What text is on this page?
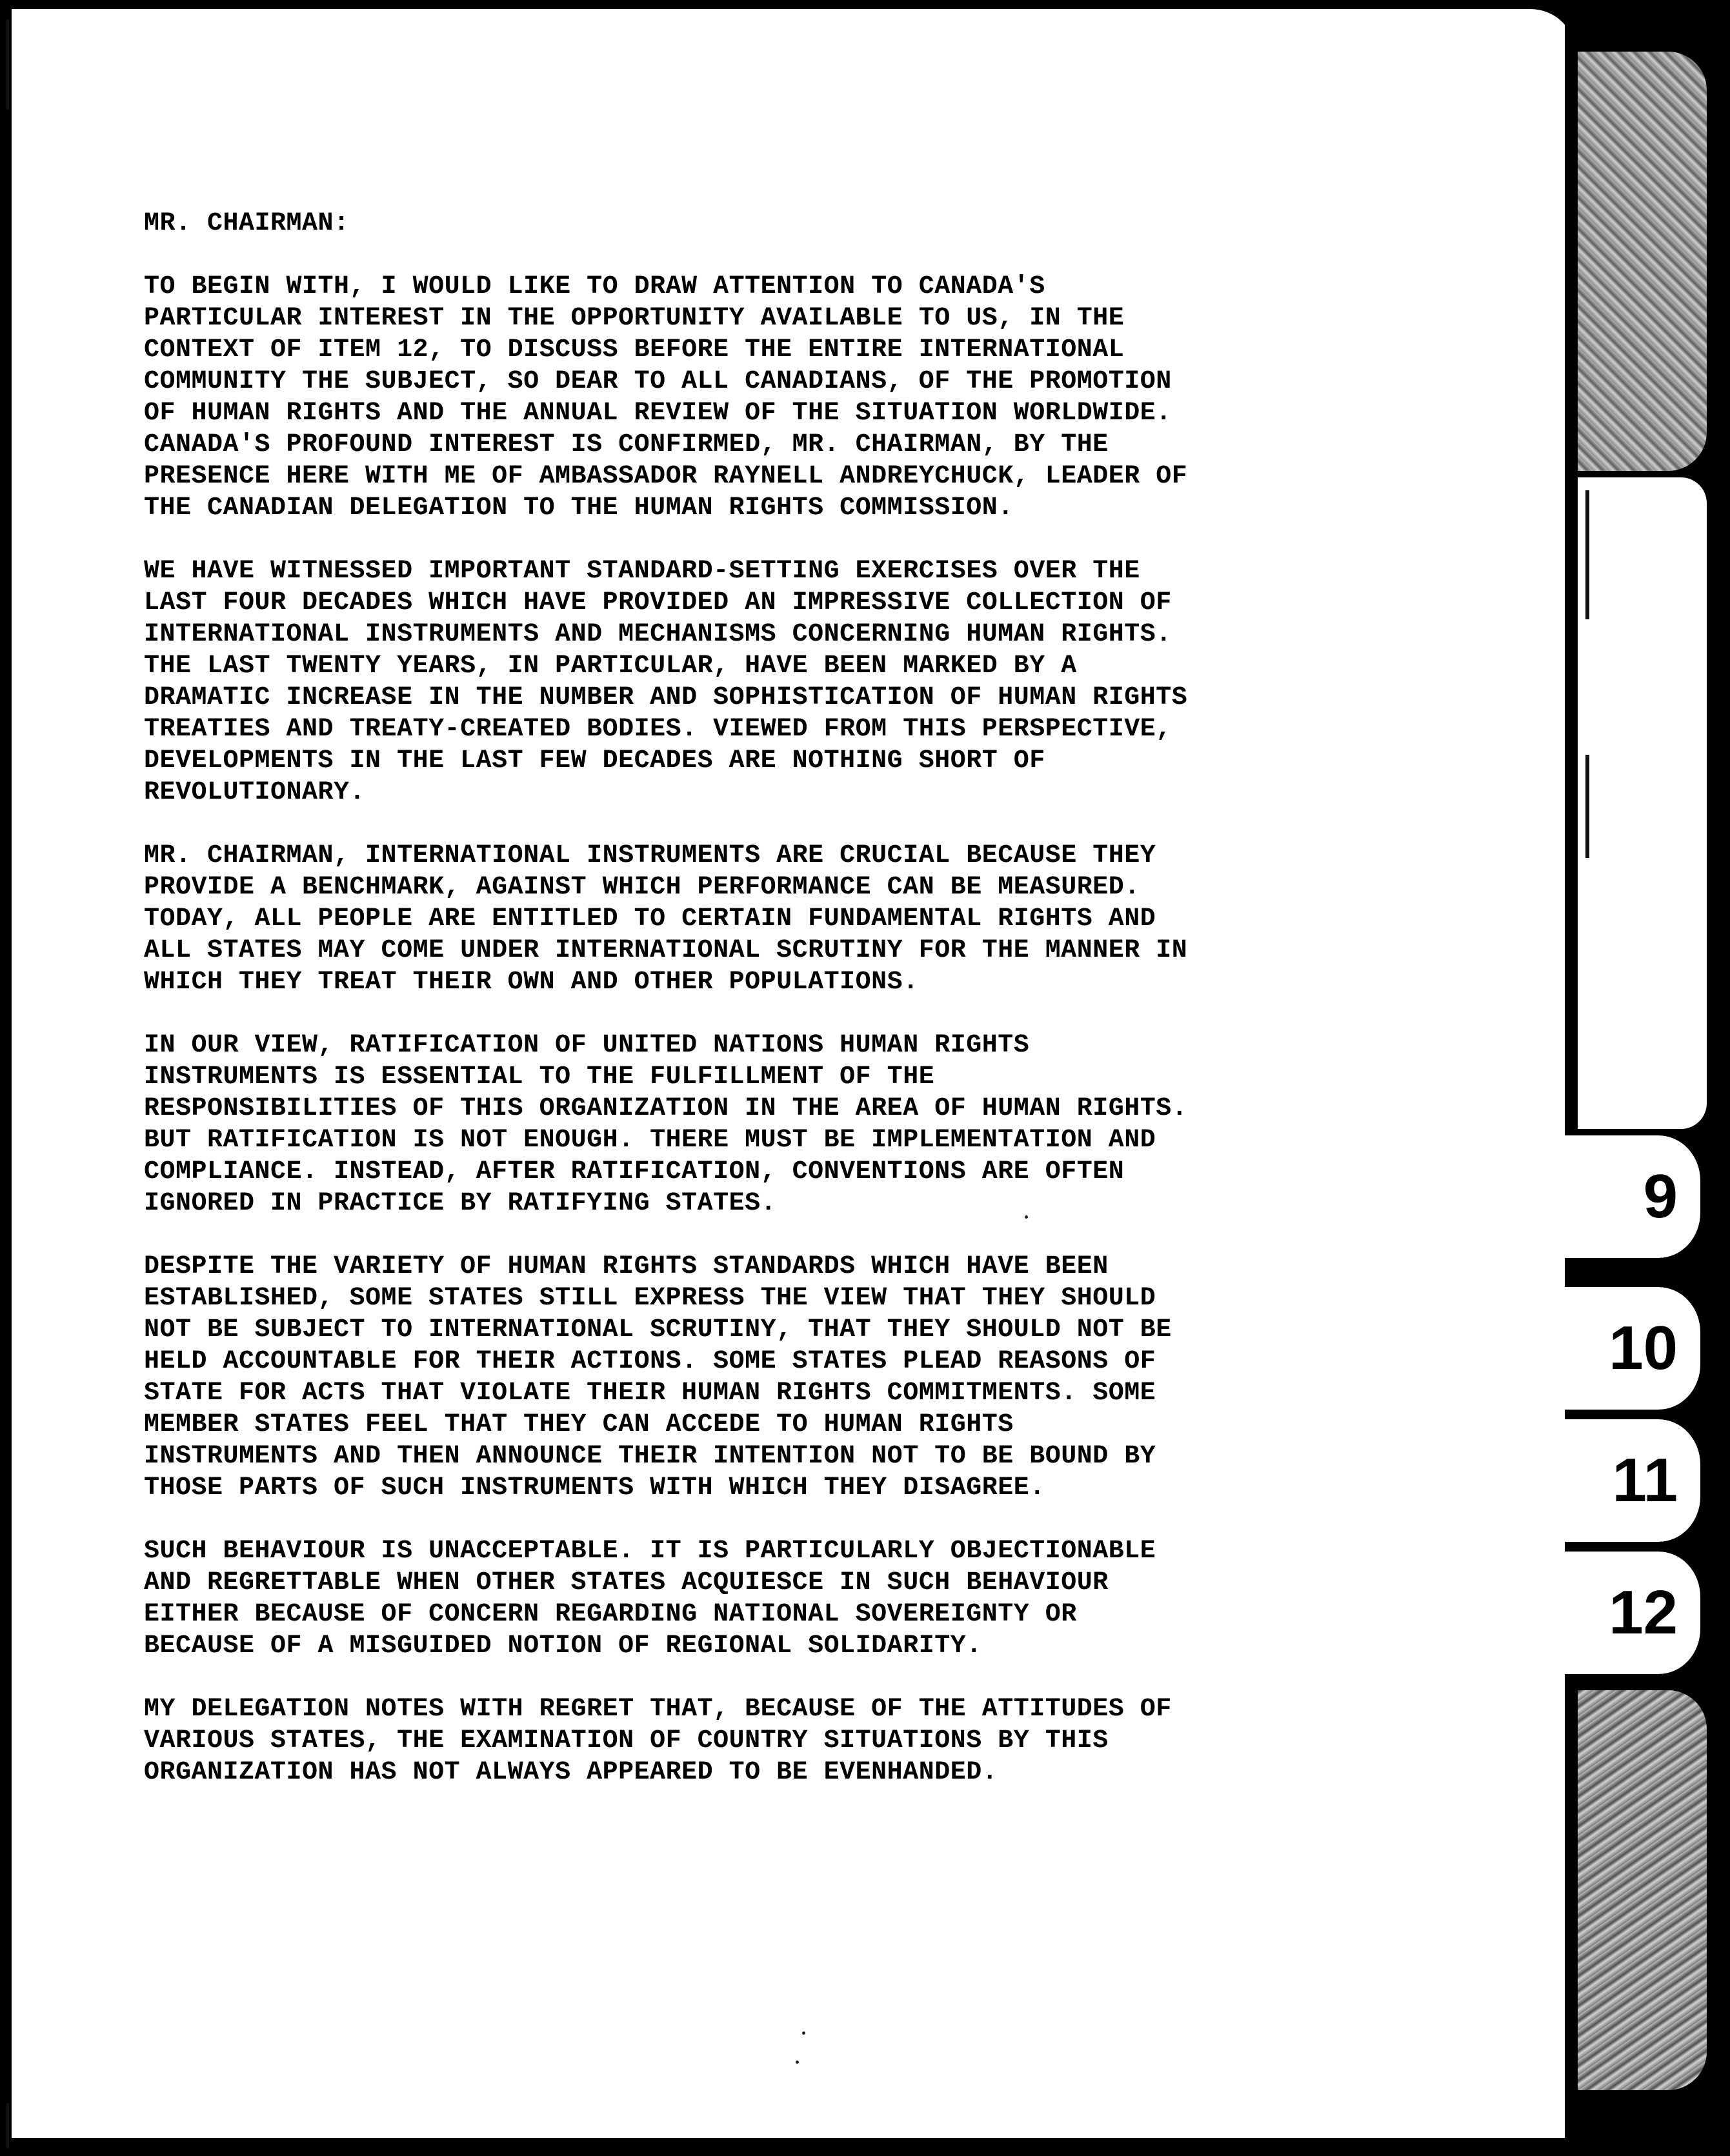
MR. CHAIRMAN:

TO BEGIN WITH, I WOULD LIKE TO DRAW ATTENTION TO CANADA'S
PARTICULAR INTEREST IN THE OPPORTUNITY AVAILABLE TO US, IN THE
CONTEXT OF ITEM 12, TO DISCUSS BEFORE THE ENTIRE INTERNATIONAL
COMMUNITY THE SUBJECT, SO DEAR TO ALL CANADIANS, OF THE PROMOTION
OF HUMAN RIGHTS AND THE ANNUAL REVIEW OF THE SITUATION WORLDWIDE.
CANADA'S PROFOUND INTEREST IS CONFIRMED, MR. CHAIRMAN, BY THE
PRESENCE HERE WITH ME OF AMBASSADOR RAYNELL ANDREYCHUCK, LEADER OF
THE CANADIAN DELEGATION TO THE HUMAN RIGHTS COMMISSION.

WE HAVE WITNESSED IMPORTANT STANDARD-SETTING EXERCISES OVER THE
LAST FOUR DECADES WHICH HAVE PROVIDED AN IMPRESSIVE COLLECTION OF
INTERNATIONAL INSTRUMENTS AND MECHANISMS CONCERNING HUMAN RIGHTS.
THE LAST TWENTY YEARS, IN PARTICULAR, HAVE BEEN MARKED BY A
DRAMATIC INCREASE IN THE NUMBER AND SOPHISTICATION OF HUMAN RIGHTS
TREATIES AND TREATY-CREATED BODIES. VIEWED FROM THIS PERSPECTIVE,
DEVELOPMENTS IN THE LAST FEW DECADES ARE NOTHING SHORT OF
REVOLUTIONARY.

MR. CHAIRMAN, INTERNATIONAL INSTRUMENTS ARE CRUCIAL BECAUSE THEY
PROVIDE A BENCHMARK, AGAINST WHICH PERFORMANCE CAN BE MEASURED.
TODAY, ALL PEOPLE ARE ENTITLED TO CERTAIN FUNDAMENTAL RIGHTS AND
ALL STATES MAY COME UNDER INTERNATIONAL SCRUTINY FOR THE MANNER IN
WHICH THEY TREAT THEIR OWN AND OTHER POPULATIONS.

IN OUR VIEW, RATIFICATION OF UNITED NATIONS HUMAN RIGHTS
INSTRUMENTS IS ESSENTIAL TO THE FULFILLMENT OF THE
RESPONSIBILITIES OF THIS ORGANIZATION IN THE AREA OF HUMAN RIGHTS.
BUT RATIFICATION IS NOT ENOUGH. THERE MUST BE IMPLEMENTATION AND
COMPLIANCE. INSTEAD, AFTER RATIFICATION, CONVENTIONS ARE OFTEN
IGNORED IN PRACTICE BY RATIFYING STATES.

DESPITE THE VARIETY OF HUMAN RIGHTS STANDARDS WHICH HAVE BEEN
ESTABLISHED, SOME STATES STILL EXPRESS THE VIEW THAT THEY SHOULD
NOT BE SUBJECT TO INTERNATIONAL SCRUTINY, THAT THEY SHOULD NOT BE
HELD ACCOUNTABLE FOR THEIR ACTIONS. SOME STATES PLEAD REASONS OF
STATE FOR ACTS THAT VIOLATE THEIR HUMAN RIGHTS COMMITMENTS. SOME
MEMBER STATES FEEL THAT THEY CAN ACCEDE TO HUMAN RIGHTS
INSTRUMENTS AND THEN ANNOUNCE THEIR INTENTION NOT TO BE BOUND BY
THOSE PARTS OF SUCH INSTRUMENTS WITH WHICH THEY DISAGREE.

SUCH BEHAVIOUR IS UNACCEPTABLE. IT IS PARTICULARLY OBJECTIONABLE
AND REGRETTABLE WHEN OTHER STATES ACQUIESCE IN SUCH BEHAVIOUR
EITHER BECAUSE OF CONCERN REGARDING NATIONAL SOVEREIGNTY OR
BECAUSE OF A MISGUIDED NOTION OF REGIONAL SOLIDARITY.

MY DELEGATION NOTES WITH REGRET THAT, BECAUSE OF THE ATTITUDES OF
VARIOUS STATES, THE EXAMINATION OF COUNTRY SITUATIONS BY THIS
ORGANIZATION HAS NOT ALWAYS APPEARED TO BE EVENHANDED.

9
10
11
12
